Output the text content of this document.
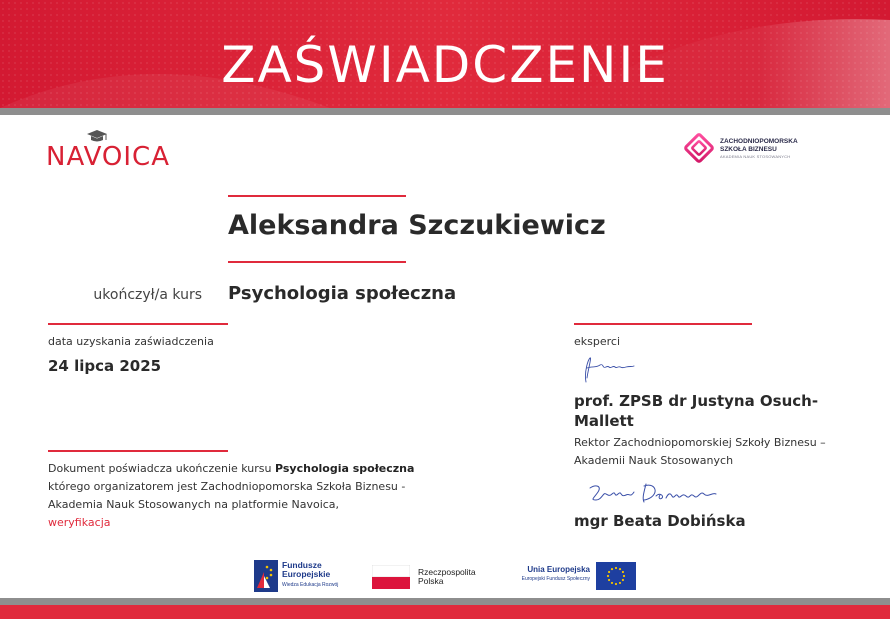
ZAŚWIADCZENIE
NAVOICA
ZACHODNIOPOMORSKA
SZKOŁA BIZNESU
AKADEMIA NAUK STOSOWANYCH
Aleksandra Szczukiewicz
ukończył/a kurs Psychologia społeczna
data uzyskania zaświadczenia
24 lipca 2025
Dokument poświadcza ukończenie kursu Psychologia społeczna którego organizatorem jest Zachodniopomorska Szkoła Biznesu - Akademia Nauk Stosowanych na platformie Navoica,
weryfikacja
eksperci
prof. ZPSB dr Justyna Osuch-Mallett
Rektor Zachodniopomorskiej Szkoły Biznesu – Akademii Nauk Stosowanych
mgr Beata Dobińska
Fundusze
Europejskie
Wiedza Edukacja Rozwój
Rzeczpospolita
Polska
Unia Europejska
Europejski Fundusz Społeczny
